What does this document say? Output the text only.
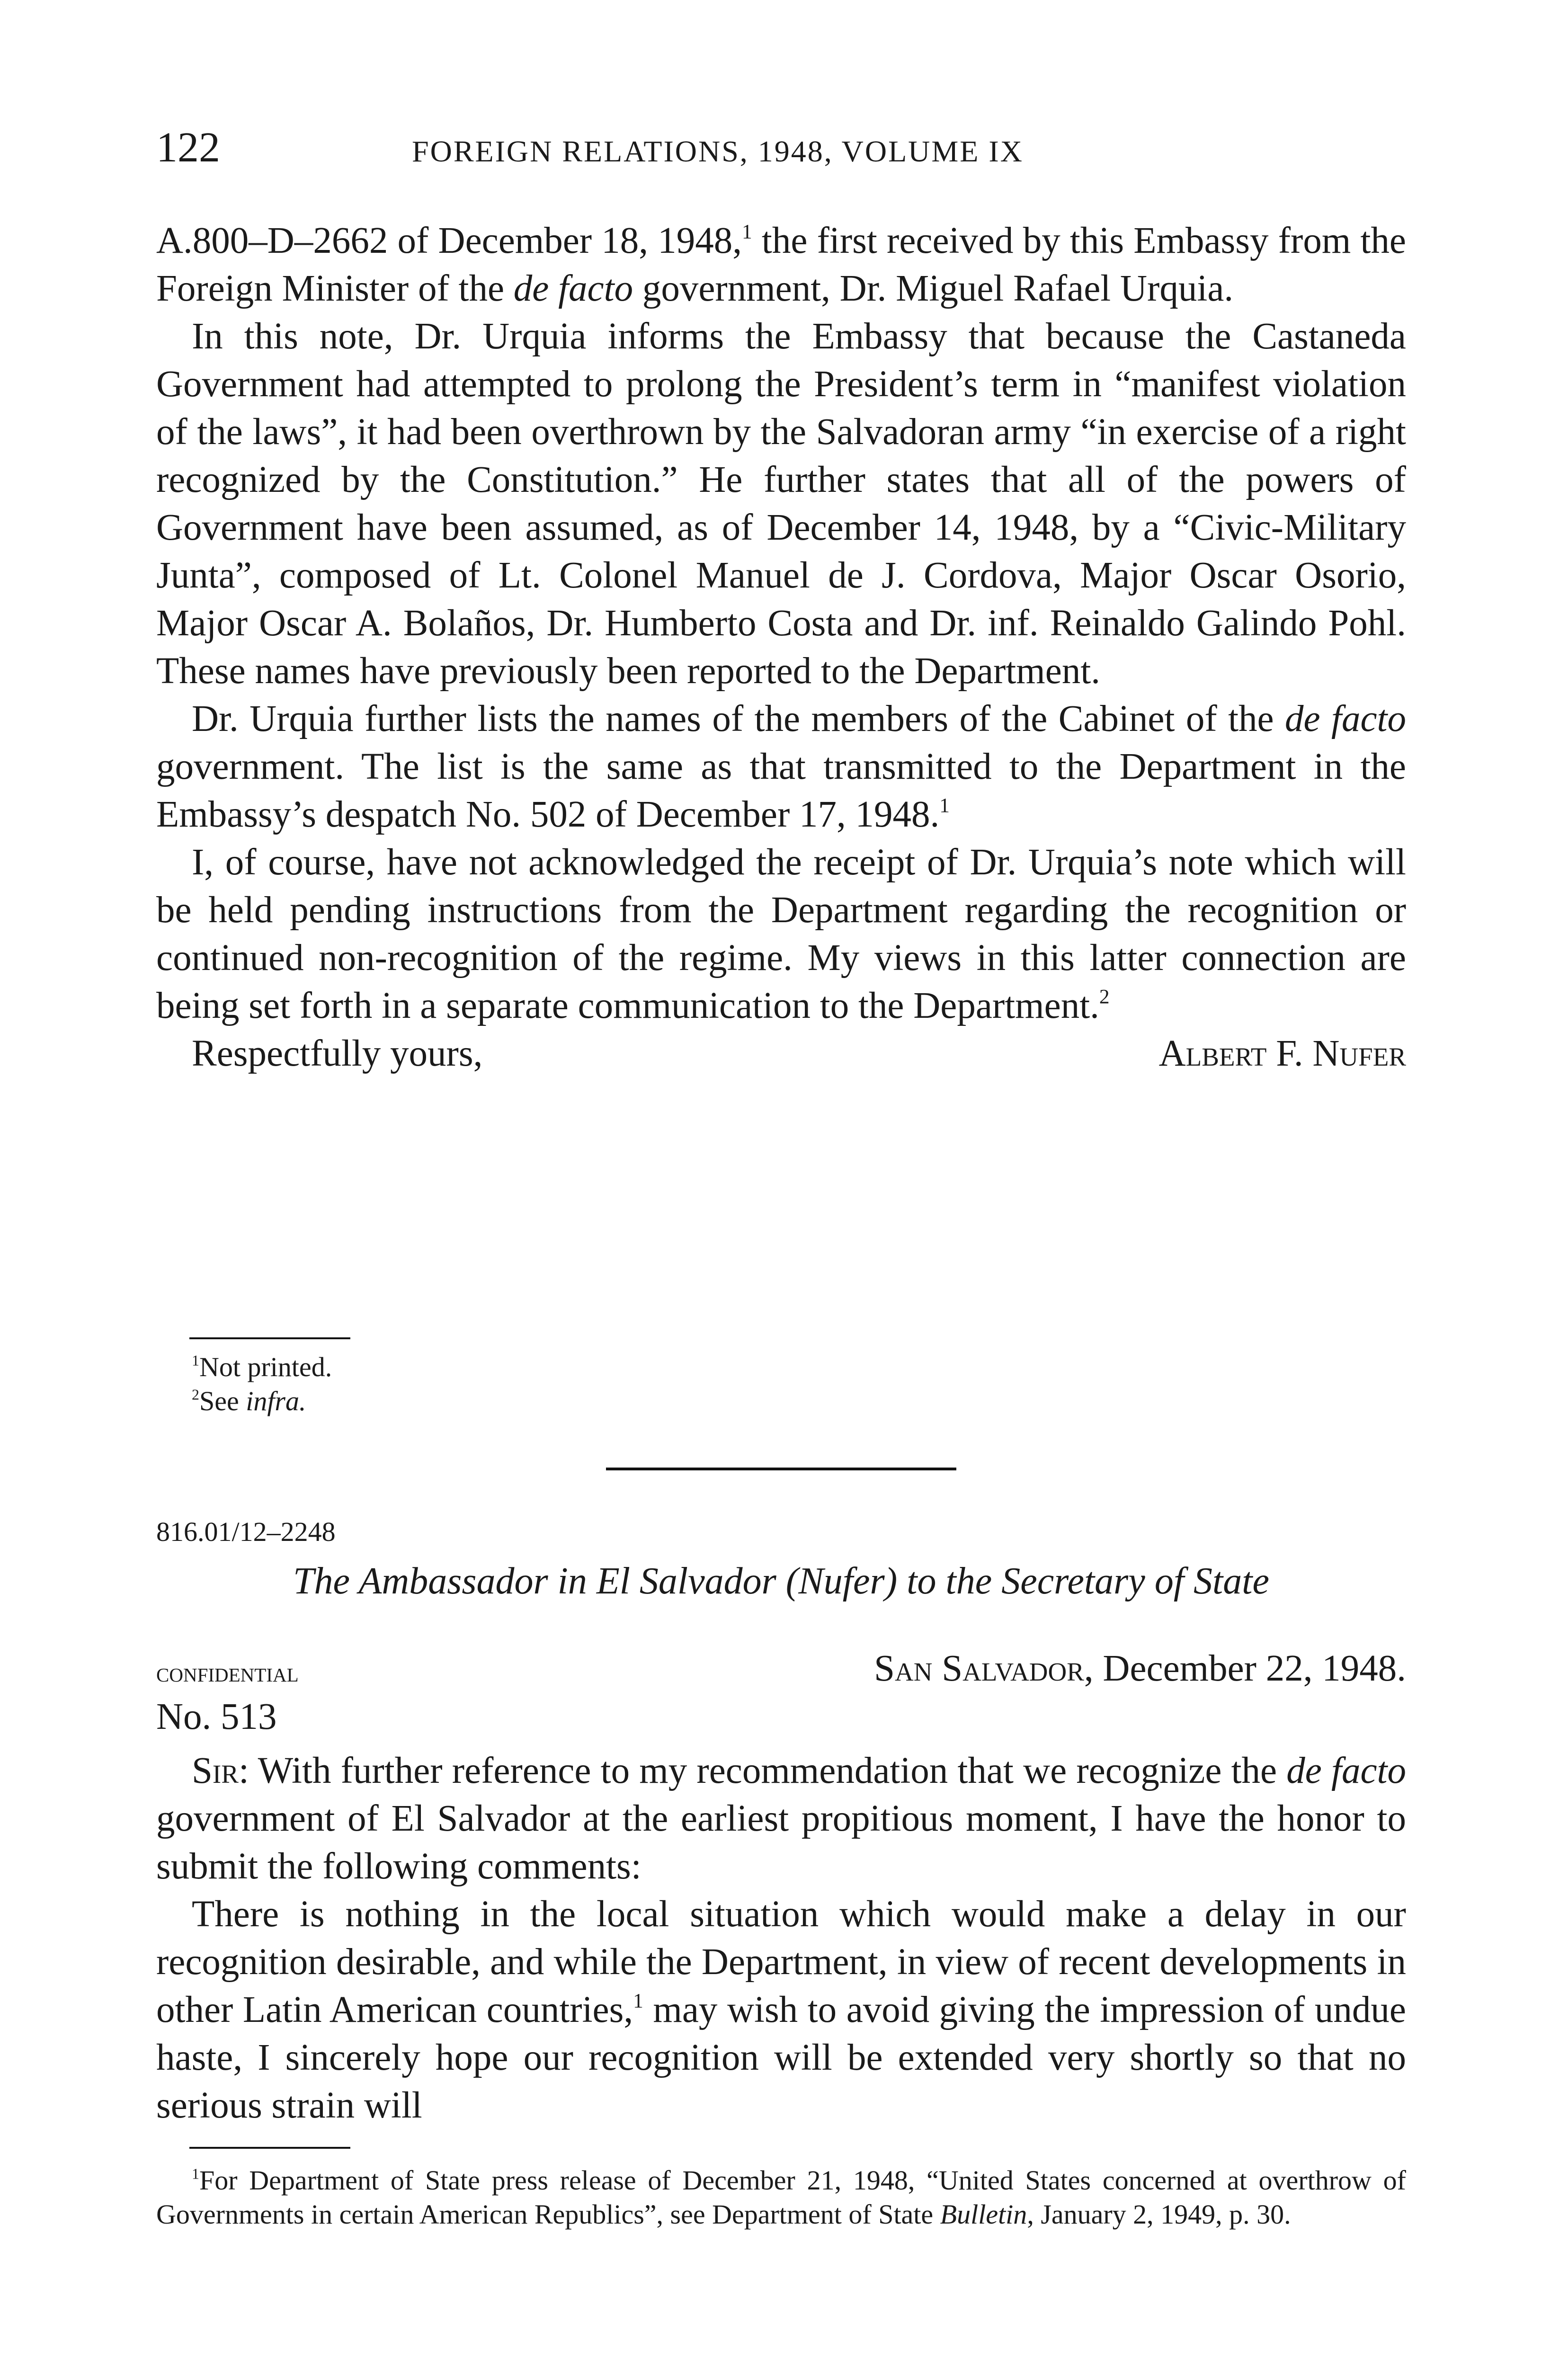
122	FOREIGN RELATIONS, 1948, VOLUME IX

A.800–D–2662 of December 18, 1948,$^1$ the first received by this Embassy from the Foreign Minister of the de facto government, Dr. Miguel Rafael Urquia.

In this note, Dr. Urquia informs the Embassy that because the Castaneda Government had attempted to prolong the President’s term in “manifest violation of the laws”, it had been overthrown by the Salvadoran army “in exercise of a right recognized by the Constitution.” He further states that all of the powers of Government have been assumed, as of December 14, 1948, by a “Civic-Military Junta”, composed of Lt. Colonel Manuel de J. Cordova, Major Oscar Osorio, Major Oscar A. Bolaños, Dr. Humberto Costa and Dr. inf. Reinaldo Galindo Pohl. These names have previously been reported to the Department.

Dr. Urquia further lists the names of the members of the Cabinet of the de facto government. The list is the same as that transmitted to the Department in the Embassy’s despatch No. 502 of December 17, 1948.$^1$

I, of course, have not acknowledged the receipt of Dr. Urquia’s note which will be held pending instructions from the Department regarding the recognition or continued non-recognition of the regime. My views in this latter connection are being set forth in a separate communication to the Department.$^2$

Respectfully yours,	Albert F. Nufer

$^1$Not printed.

$^2$See infra.

816.01/12–2248
The Ambassador in El Salvador (Nufer) to the Secretary of State
confidential	San Salvador, December 22, 1948.
No. 513

Sir: With further reference to my recommendation that we recognize the de facto government of El Salvador at the earliest propitious moment, I have the honor to submit the following comments:

There is nothing in the local situation which would make a delay in our recognition desirable, and while the Department, in view of recent developments in other Latin American countries,$^1$ may wish to avoid giving the impression of undue haste, I sincerely hope our recognition will be extended very shortly so that no serious strain will

$^1$For Department of State press release of December 21, 1948, “United States concerned at overthrow of Governments in certain American Republics”, see Department of State Bulletin, January 2, 1949, p. 30.
